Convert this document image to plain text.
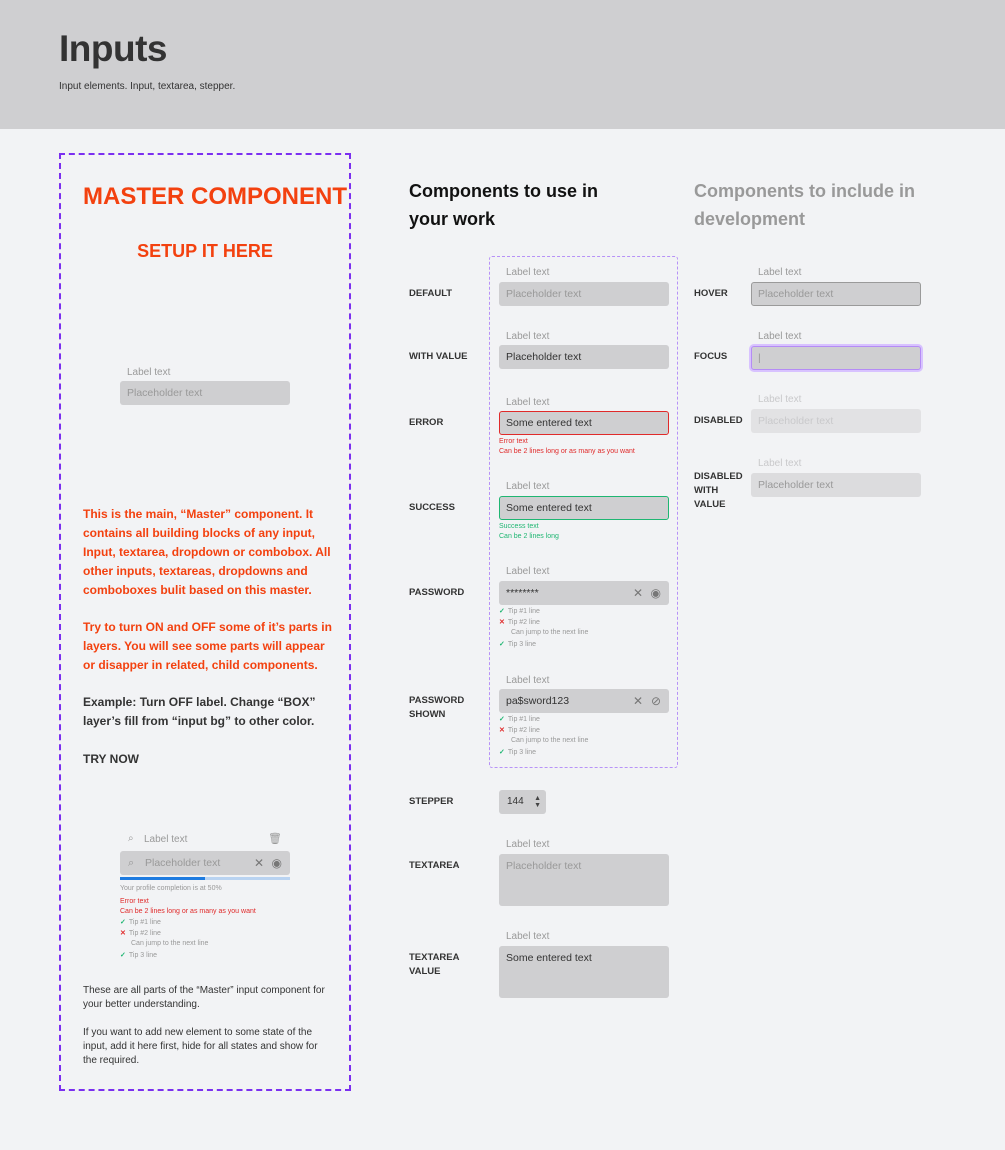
Inputs

Input elements. Input, textarea, stepper.

MASTER COMPONENT
SETUP IT HERE
Label text
Placeholder text
This is the main, “Master” component. It contains all building blocks of any input, Input, textarea, dropdown or combobox. All other inputs, textareas, dropdowns and comboboxes bulit based on this master.
Try to turn ON and OFF some of it’s parts in layers. You will see some parts will appear or disapper in related, child components.
Example: Turn OFF label. Change “BOX” layer’s fill from “input bg” to other color.
TRY NOW
⌕ Label text	🗑︎
⌕ Placeholder text	✕ ◉
Your profile completion is at 50%
Error text
Can be 2 lines long or as many as you want
✓ Tip #1 line
✕ Tip #2 line
Can jump to the next line
✓ Tip 3 line
These are all parts of the “Master” input component for your better understanding.
If you want to add new element to some state of the input, add it here first, hide for all states and show for the required.
Components to use in your work
Components to include in development
DEFAULT
Label text
Placeholder text
WITH VALUE
Label text
Placeholder text
ERROR
Label text
Some entered text
Error text
Can be 2 lines long or as many as you want
SUCCESS
Label text
Some entered text
Success text
Can be 2 lines long
PASSWORD
Label text
********	✕ ◉
✓ Tip #1 line
✕ Tip #2 line
Can jump to the next line
✓ Tip 3 line
PASSWORD
SHOWN
Label text
pa$sword123	✕ ⊘
✓ Tip #1 line
✕ Tip #2 line
Can jump to the next line
✓ Tip 3 line
STEPPER	144 ▲
▼
TEXTAREA
Label text
Placeholder text
TEXTAREA
VALUE
Label text
Some entered text
HOVER
Label text
Placeholder text
FOCUS
Label text
|
DISABLED
Label text
Placeholder text
DISABLED
WITH
VALUE
Label text
Placeholder text
